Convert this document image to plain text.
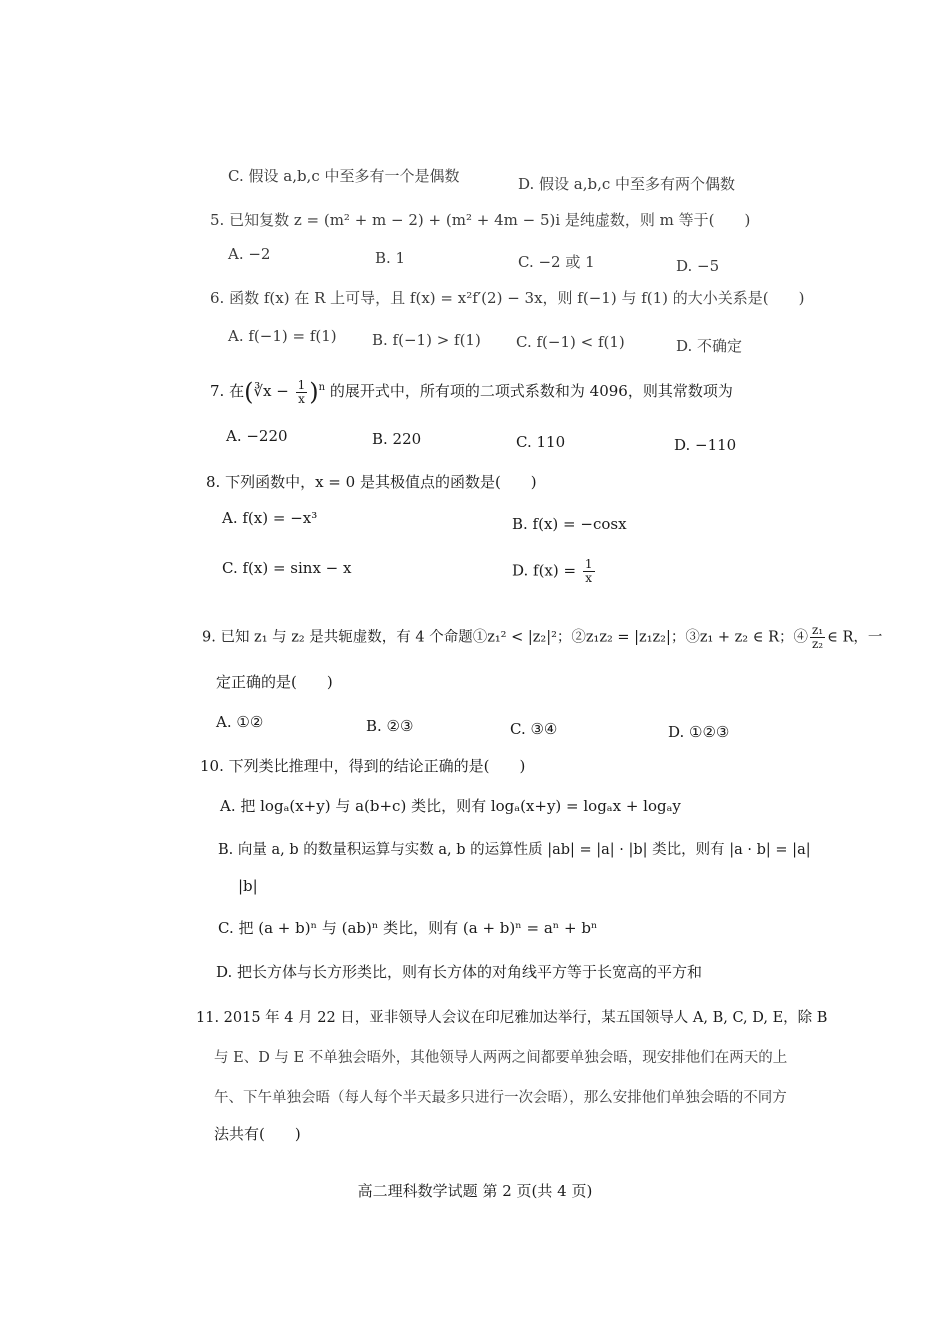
C. 假设 a,b,c 中至多有一个是偶数	D. 假设 a,b,c 中至多有两个偶数
5. 已知复数 z = (m² + m − 2) + (m² + 4m − 5)i 是纯虚数，则 m 等于(　　)
A. −2	B. 1	C. −2 或 1	D. −5
6. 函数 f(x) 在 R 上可导，且 f(x) = x²f′(2) − 3x，则 f(−1) 与 f(1) 的大小关系是(　　)
A. f(−1) = f(1) B. f(−1) > f(1) C. f(−1) < f(1)	D. 不确定
7. 在(∛x − $\frac{1}{x} )^n$ 的展开式中，所有项的二项式系数和为 4096，则其常数项为
A. −220	B. 220	C. 110	D. −110
8. 下列函数中，x = 0 是其极值点的函数是(　　)
A. f(x) = −x³	B. f(x) = −cosx
C. f(x) = sinx − x	D. $f(x) = \frac{1}{x}$
9. 已知 z₁ 与 z₂ 是共轭虚数，有 4 个命题①z₁² < |z₂|²；②z₁z₂ = |z₁z₂|；③z₁ + z₂ ∈ R；④ $\frac{\text{z₁}}{\text{z₂}}$ ∈ R，一
定正确的是(　　)
A. ①②	B. ②③	C. ③④	D. ①②③
10. 下列类比推理中，得到的结论正确的是(　　)
A. 把 logₐ(x+y) 与 a(b+c) 类比，则有 logₐ(x+y) = logₐx + logₐy
B. 向量 a, b 的数量积运算与实数 a, b 的运算性质 |ab| = |a| · |b| 类比，则有 |a · b| = |a|
|b|
C. 把 (a + b)ⁿ 与 (ab)ⁿ 类比，则有 (a + b)ⁿ = aⁿ + bⁿ
D. 把长方体与长方形类比，则有长方体的对角线平方等于长宽高的平方和
11. 2015 年 4 月 22 日，亚非领导人会议在印尼雅加达举行，某五国领导人 A, B, C, D, E，除 B
与 E、D 与 E 不单独会晤外，其他领导人两两之间都要单独会晤，现安排他们在两天的上
午、下午单独会晤（每人每个半天最多只进行一次会晤），那么安排他们单独会晤的不同方
法共有(　　)
高二理科数学试题 第 2 页(共 4 页)
